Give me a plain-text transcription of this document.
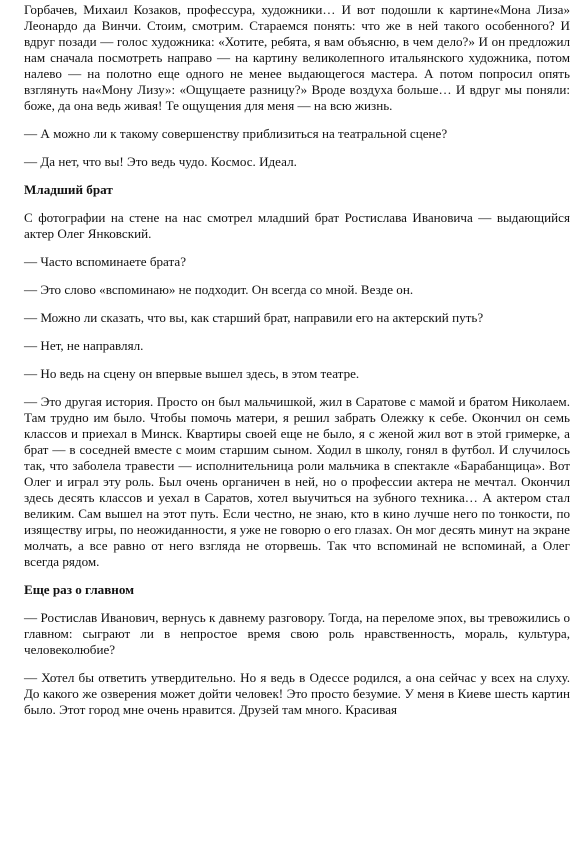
Горбачев, Михаил Козаков, профессура, художники… И вот подошли к картине«Мона Лиза» Леонардо да Винчи. Стоим, смотрим. Стараемся понять: что же в ней такого особенного? И вдруг позади — голос художника: «Хотите, ребята, я вам объясню, в чем дело?» И он предложил нам сначала посмотреть направо — на картину великолепного итальянского художника, потом налево — на полотно еще одного не менее выдающегося мастера. А потом попросил опять взглянуть на«Мону Лизу»: «Ощущаете разницу?» Вроде воздуха больше… И вдруг мы поняли: боже, да она ведь живая! Те ощущения для меня — на всю жизнь.

— А можно ли к такому совершенству приблизиться на театральной сцене?

— Да нет, что вы! Это ведь чудо. Космос. Идеал.

Младший брат

С фотографии на стене на нас смотрел младший брат Ростислава Ивановича — выдающийся актер Олег Янковский.

— Часто вспоминаете брата?

— Это слово «вспоминаю» не подходит. Он всегда со мной. Везде он.

— Можно ли сказать, что вы, как старший брат, направили его на актерский путь?

— Нет, не направлял.

— Но ведь на сцену он впервые вышел здесь, в этом театре.

— Это другая история. Просто он был мальчишкой, жил в Саратове с мамой и братом Николаем. Там трудно им было. Чтобы помочь матери, я решил забрать Олежку к себе. Окончил он семь классов и приехал в Минск. Квартиры своей еще не было, я с женой жил вот в этой гримерке, а брат — в соседней вместе с моим старшим сыном. Ходил в школу, гонял в футбол. И случилось так, что заболела травести — исполнительница роли мальчика в спектакле «Барабанщица». Вот Олег и играл эту роль. Был очень органичен в ней, но о профессии актера не мечтал. Окончил здесь десять классов и уехал в Саратов, хотел выучиться на зубного техника… А актером стал великим. Сам вышел на этот путь. Если честно, не знаю, кто в кино лучше него по тонкости, по изяществу игры, по неожиданности, я уже не говорю о его глазах. Он мог десять минут на экране молчать, а все равно от него взгляда не оторвешь. Так что вспоминай не вспоминай, а Олег всегда рядом.

Еще раз о главном

— Ростислав Иванович, вернусь к давнему разговору. Тогда, на переломе эпох, вы тревожились о главном: сыграют ли в непростое время свою роль нравственность, мораль, культура, человеколюбие?

— Хотел бы ответить утвердительно. Но я ведь в Одессе родился, а она сейчас у всех на слуху. До какого же озверения может дойти человек! Это просто безумие. У меня в Киеве шесть картин было. Этот город мне очень нравится. Друзей там много. Красивая
